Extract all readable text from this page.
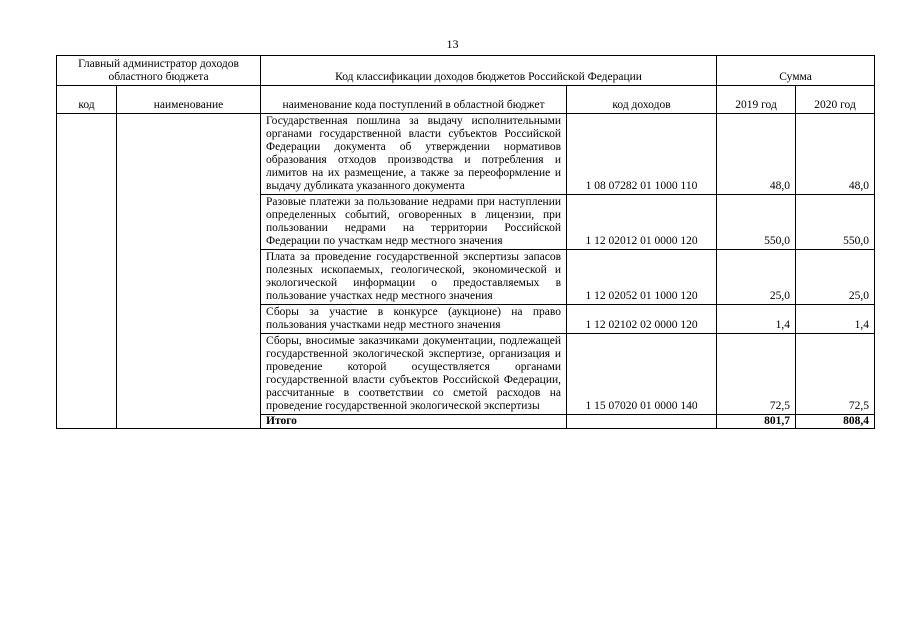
13
Главный администратор доходов областного бюджета		Код классификации доходов бюджетов Российской Федерации		Сумма	
код	наименование	наименование кода поступлений в областной бюджет	код доходов	2019 год	2020 год
		Государственная пошлина за выдачу исполнительными органами государственной власти субъектов Российской Федерации документа об утверждении нормативов образования отходов производства и потребления и лимитов на их размещение, а также за переоформление и выдачу дубликата указанного документа	1 08 07282 01 1000 110	48,0	48,0
		Разовые платежи за пользование недрами при наступлении определенных событий, оговоренных в лицензии, при пользовании недрами на территории Российской Федерации по участкам недр местного значения	1 12 02012 01 0000 120	550,0	550,0
		Плата за проведение государственной экспертизы запасов полезных ископаемых, геологической, экономической и экологической информации о предоставляемых в пользование участках недр местного значения	1 12 02052 01 1000 120	25,0	25,0
		Сборы за участие в конкурсе (аукционе) на право пользования участками недр местного значения	1 12 02102 02 0000 120	1,4	1,4
		Сборы, вносимые заказчиками документации, подлежащей государственной экологической экспертизе, организация и проведение которой осуществляется органами государственной власти субъектов Российской Федерации, рассчитанные в соответствии со сметой расходов на проведение государственной экологической экспертизы	1 15 07020 01 0000 140	72,5	72,5
		Итого		801,7	808,4
